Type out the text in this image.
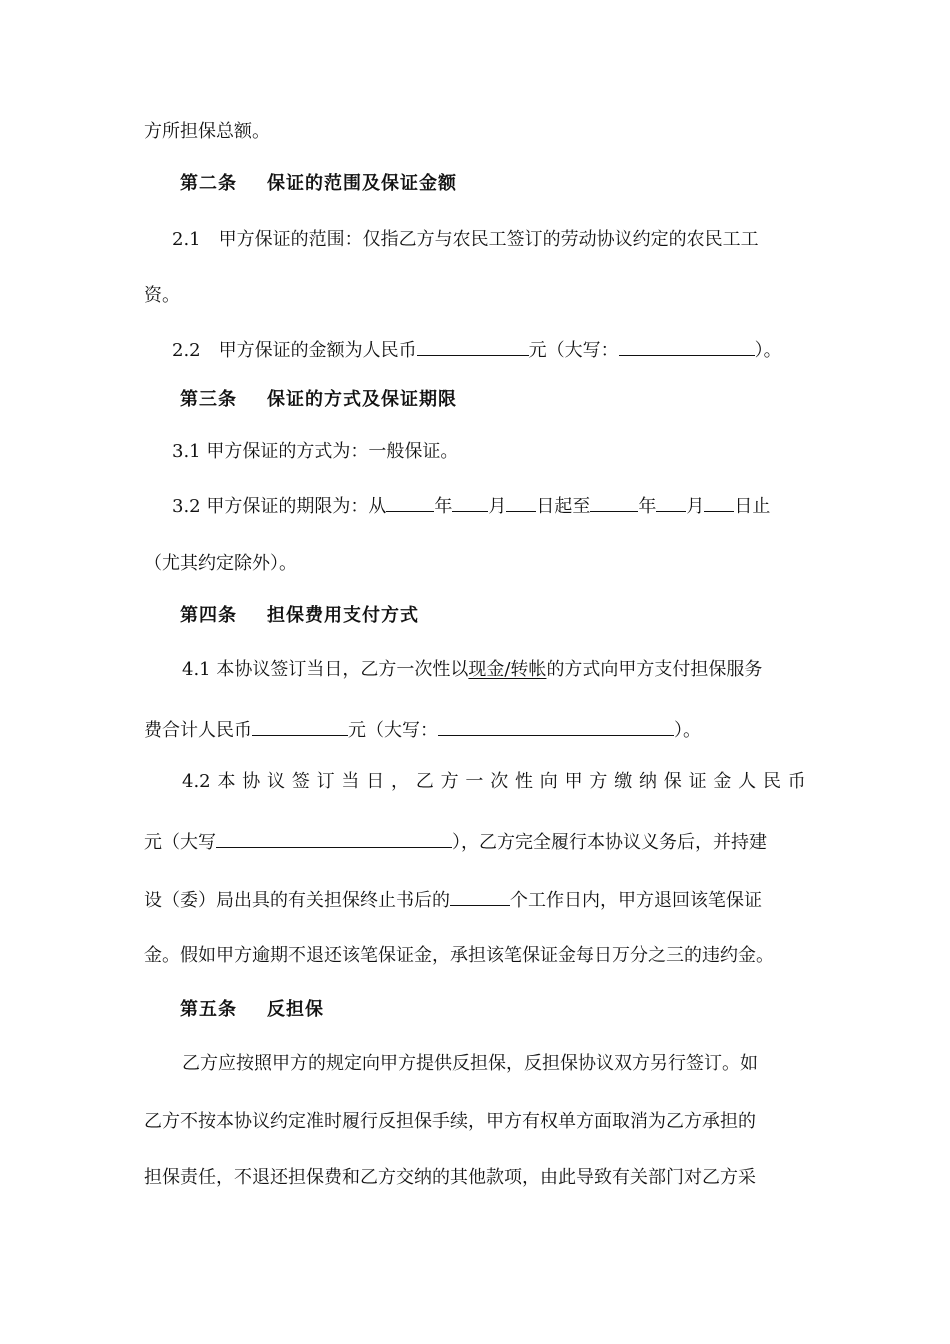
方所担保总额。
第二条 保证的范围及保证金额
2.1 甲方保证的范围：仅指乙方与农民工签订的劳动协议约定的农民工工
资。
2.2 甲方保证的金额为人民币	元（大写：	）。
第三条 保证的方式及保证期限
3.1 甲方保证的方式为：一般保证。
3.2 甲方保证的期限为：从	年 月 日起至	年 月 日止
（尤其约定除外）。
第四条 担保费用支付方式
4.1 本协议签订当日，乙方一次性以现金/转帐的方式向甲方支付担保服务
费合计人民币	元（大写：	）。
4.2 本 协 议 签 订 当 日 ， 乙 方 一 次 性 向 甲 方 缴 纳 保 证 金 人 民 币
元（大写	），乙方完全履行本协议义务后，并持建
设（委）局出具的有关担保终止书后的	个工作日内，甲方退回该笔保证
金。假如甲方逾期不退还该笔保证金，承担该笔保证金每日万分之三的违约金。
第五条 反担保
乙方应按照甲方的规定向甲方提供反担保，反担保协议双方另行签订。如
乙方不按本协议约定准时履行反担保手续，甲方有权单方面取消为乙方承担的
担保责任，不退还担保费和乙方交纳的其他款项，由此导致有关部门对乙方采
